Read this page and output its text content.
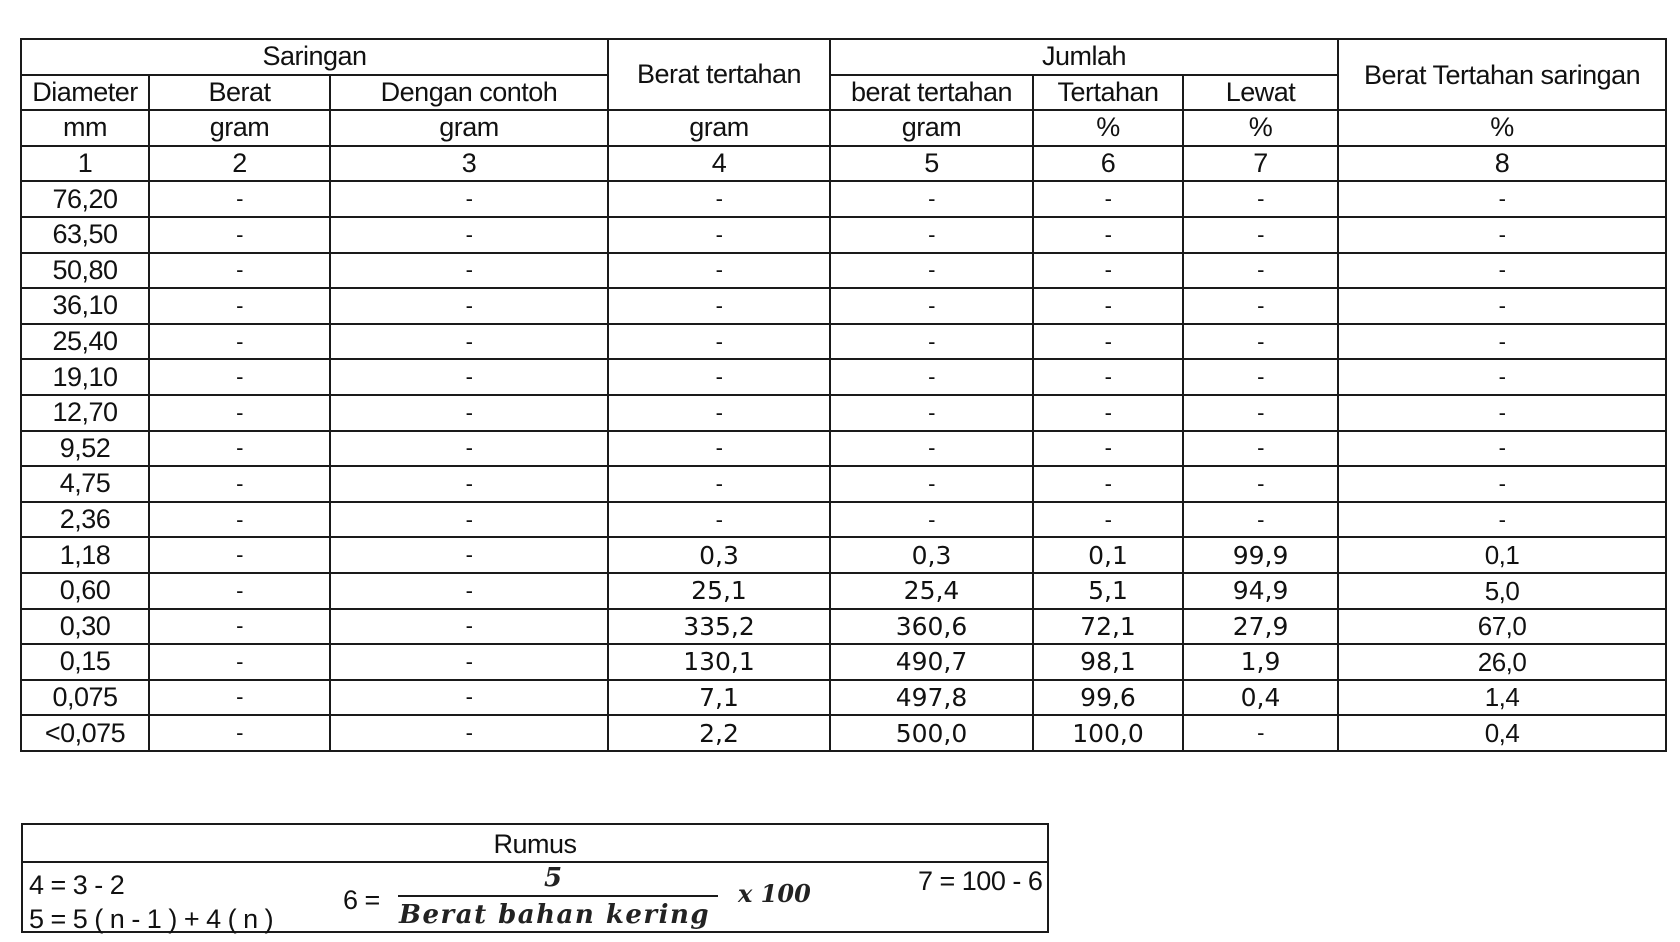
Saringan			Berat tertahan	Jumlah			Berat Tertahan saringan
Diameter	Berat	Dengan contoh		berat tertahan	Tertahan	Lewat	
mm	gram	gram	gram	gram	%	%	%
1	2	3	4	5	6	7	8
76,20	-	-	-	-	-	-	-
63,50	-	-	-	-	-	-	-
50,80	-	-	-	-	-	-	-
36,10	-	-	-	-	-	-	-
25,40	-	-	-	-	-	-	-
19,10	-	-	-	-	-	-	-
12,70	-	-	-	-	-	-	-
9,52	-	-	-	-	-	-	-
4,75	-	-	-	-	-	-	-
2,36	-	-	-	-	-	-	-
1,18	-	-	0,3	0,3	0,1	99,9	0,1
0,60	-	-	25,1	25,4	5,1	94,9	5,0
0,30	-	-	335,2	360,6	72,1	27,9	67,0
0,15	-	-	130,1	490,7	98,1	1,9	26,0
0,075	-	-	7,1	497,8	99,6	0,4	1,4
<0,075	-	-	2,2	500,0	100,0	-	0,4
Rumus
4 = 3 - 2
5 = 5 ( n - 1 ) + 4 ( n )
6 =
5
Berat bahan kering
x 100	7 = 100 - 6
